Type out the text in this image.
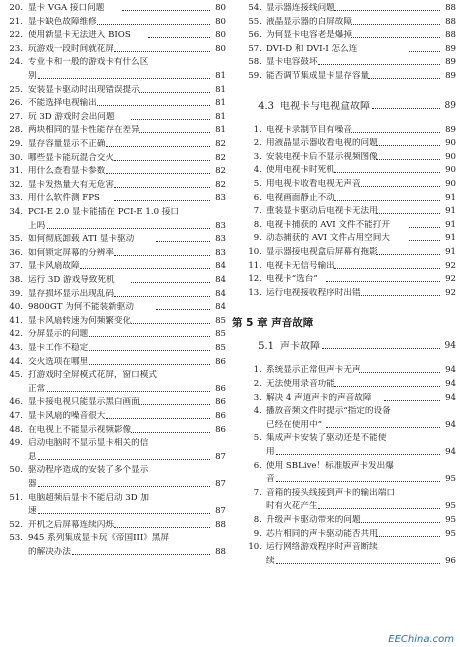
20. 显卡 VGA 接口问题	80
21. 显卡缺色故障维修	80
22. 使用新显卡无法进入 BIOS	80
23. 玩游戏一段时间就花屏	80
24. 专业卡和一般的游戏卡有什么区
别	81
25. 安装显卡驱动时出现错误提示	81
26. 不能选择电视输出	81
27. 玩 3D 游戏时会出问题	81
28. 两块相同的显卡性能存在差异	81
29. 显存容量显示不正确	82
30. 哪些显卡能玩混合交火	82
31. 用什么查看显卡参数	82
32. 显卡发热量大有无危害	82
33. 用什么软件测 FPS	83
34. PCI-E 2.0 显卡能插在 PCI-E 1.0 接口
上吗	83
35. 如何彻底卸载 ATI 显卡驱动	83
36. 如何锁定屏幕的分辨率	83
37. 显卡风扇故障	84
38. 运行 3D 游戏导致死机	84
39. 显存损坏显示出现乱码	84
40. 9800GT 为何不能装新驱动	84
41. 显卡风扇转速为何频繁变化	85
42. 分屏显示的问题	85
43. 显卡工作不稳定	85
44. 交火选项在哪里	86
45. 打游戏时全屏模式花屏，窗口模式
正常	86
46. 显卡接电视只能显示黑白画面	86
47. 显卡风扇的噪音很大	86
48. 在电视上不能显示视频影像	86
49. 启动电脑时不显示显卡相关的信
息	87
50. 驱动程序造成的安装了多个显示
器	87
51. 电脑超频后显卡不能启动 3D 加
速	87
52. 开机之后屏幕连续闪烁	88
53. 945 系列集成显卡玩《帝国III》黑屏
的解决办法	88
54. 显示器连接线问题	88
55. 液晶显示器的白屏故障	88
56. 为何显卡电容老是爆掉	88
57. DVI-D 和 DVI-I 怎么连	89
58. 显卡电容鼓坏	89
59. 能否调节集成显卡显存容量	89
4.3 电视卡与电视盒故障	89
1. 电视卡录制节目有噪音	89
2. 用液晶显示器收看电视的问题	90
3. 安装电视卡后不显示视频图像	90
4. 使用电视卡时死机	90
5. 用电视卡收看电视无声音	90
6. 电视画面静止不动	91
7. 重装显卡驱动后电视卡无法用	91
8. 电视卡捕获的 AVI 文件不能打开	91
9. 动态捕获的 AVI 文件占用空间大	91
10. 显示器接电视盒后屏幕有拖影	91
11. 电视卡无信号输出	92
12. 电视卡“选台”	92
13. 运行电视接收程序时出错	92
第 5 章 声音故障
5.1 声卡故障	94
1. 系统显示正常但声卡无声	94
2. 无法使用录音功能	94
3. 解决 4 声道声卡的声音故障	94
4. 播放音频文件时提示“指定的设备
已经在使用中”	94
5. 集成声卡安装了驱动还是不能使
用	94
6. 使用 SBLive！标准版声卡发出爆
音	95
7. 音箱的接头线接到声卡的输出端口
时有火花产生	95
8. 升级声卡驱动带来的问题	95
9. 芯片相同的声卡驱动能否共用	95
10. 运行网络游戏程序时声音断续
续	96
EEChina.com
